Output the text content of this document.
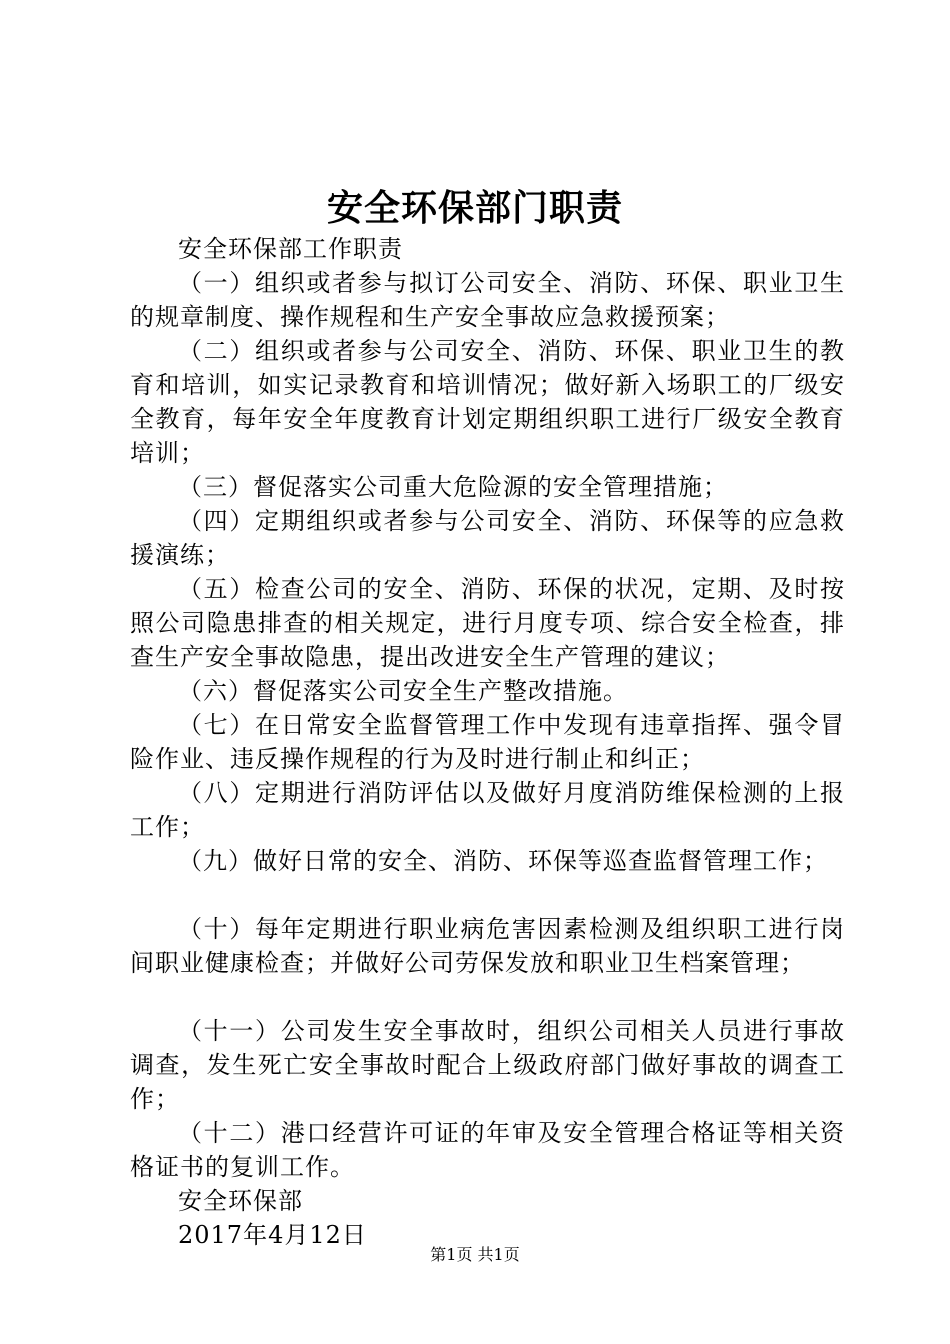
安全环保部门职责

安全环保部工作职责

（一）组织或者参与拟订公司安全、消防、环保、职业卫生的规章制度、操作规程和生产安全事故应急救援预案；

（二）组织或者参与公司安全、消防、环保、职业卫生的教育和培训，如实记录教育和培训情况；做好新入场职工的厂级安全教育，每年安全年度教育计划定期组织职工进行厂级安全教育培训；

（三）督促落实公司重大危险源的安全管理措施；

（四）定期组织或者参与公司安全、消防、环保等的应急救援演练；

（五）检查公司的安全、消防、环保的状况，定期、及时按照公司隐患排查的相关规定，进行月度专项、综合安全检查，排查生产安全事故隐患，提出改进安全生产管理的建议；

（六）督促落实公司安全生产整改措施。

（七）在日常安全监督管理工作中发现有违章指挥、强令冒险作业、违反操作规程的行为及时进行制止和纠正；

（八）定期进行消防评估以及做好月度消防维保检测的上报工作；

（九）做好日常的安全、消防、环保等巡查监督管理工作；

（十）每年定期进行职业病危害因素检测及组织职工进行岗间职业健康检查；并做好公司劳保发放和职业卫生档案管理；

（十一）公司发生安全事故时，组织公司相关人员进行事故调查，发生死亡安全事故时配合上级政府部门做好事故的调查工作；

（十二）港口经营许可证的年审及安全管理合格证等相关资格证书的复训工作。

安全环保部

2017年4月12日

第1页 共1页
